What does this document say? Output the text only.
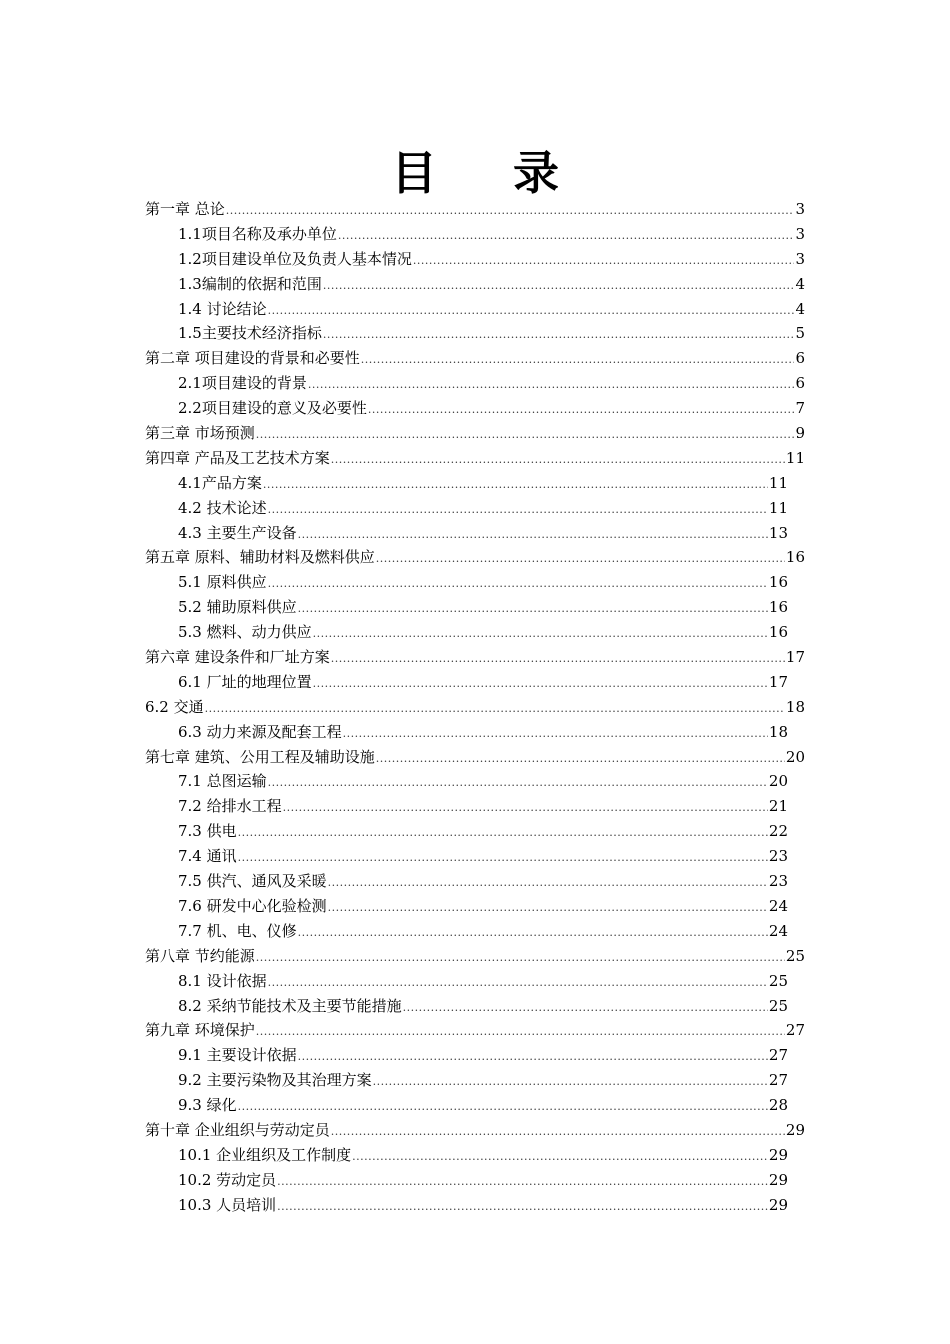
目 录
第一章 总论 .....	3
1.1项目名称及承办单位 .....	3
1.2项目建设单位及负责人基本情况 .....	3
1.3编制的依据和范围 .....	4
1.4 讨论结论 .....	4
1.5主要技术经济指标 .....	5
第二章 项目建设的背景和必要性 .....	6
2.1项目建设的背景 .....	6
2.2项目建设的意义及必要性 .....	7
第三章 市场预测 .....	9
第四章 产品及工艺技术方案 .....	11
4.1产品方案 .....	11
4.2 技术论述 .....	11
4.3 主要生产设备 .....	13
第五章 原料、辅助材料及燃料供应 .....	16
5.1 原料供应 .....	16
5.2 辅助原料供应 .....	16
5.3 燃料、动力供应 .....	16
第六章 建设条件和厂址方案 .....	17
6.1 厂址的地理位置 .....	17
6.2 交通 .....	18
6.3 动力来源及配套工程 .....	18
第七章 建筑、公用工程及辅助设施 .....	20
7.1 总图运输 .....	20
7.2 给排水工程 .....	21
7.3 供电 .....	22
7.4 通讯 .....	23
7.5 供汽、通风及采暖 .....	23
7.6 研发中心化验检测 .....	24
7.7 机、电、仪修 .....	24
第八章 节约能源 .....	25
8.1 设计依据 .....	25
8.2 采纳节能技术及主要节能措施 .....	25
第九章 环境保护 .....	27
9.1 主要设计依据 .....	27
9.2 主要污染物及其治理方案 .....	27
9.3 绿化 .....	28
第十章 企业组织与劳动定员 .....	29
10.1 企业组织及工作制度 .....	29
10.2 劳动定员 .....	29
10.3 人员培训 .....	29
